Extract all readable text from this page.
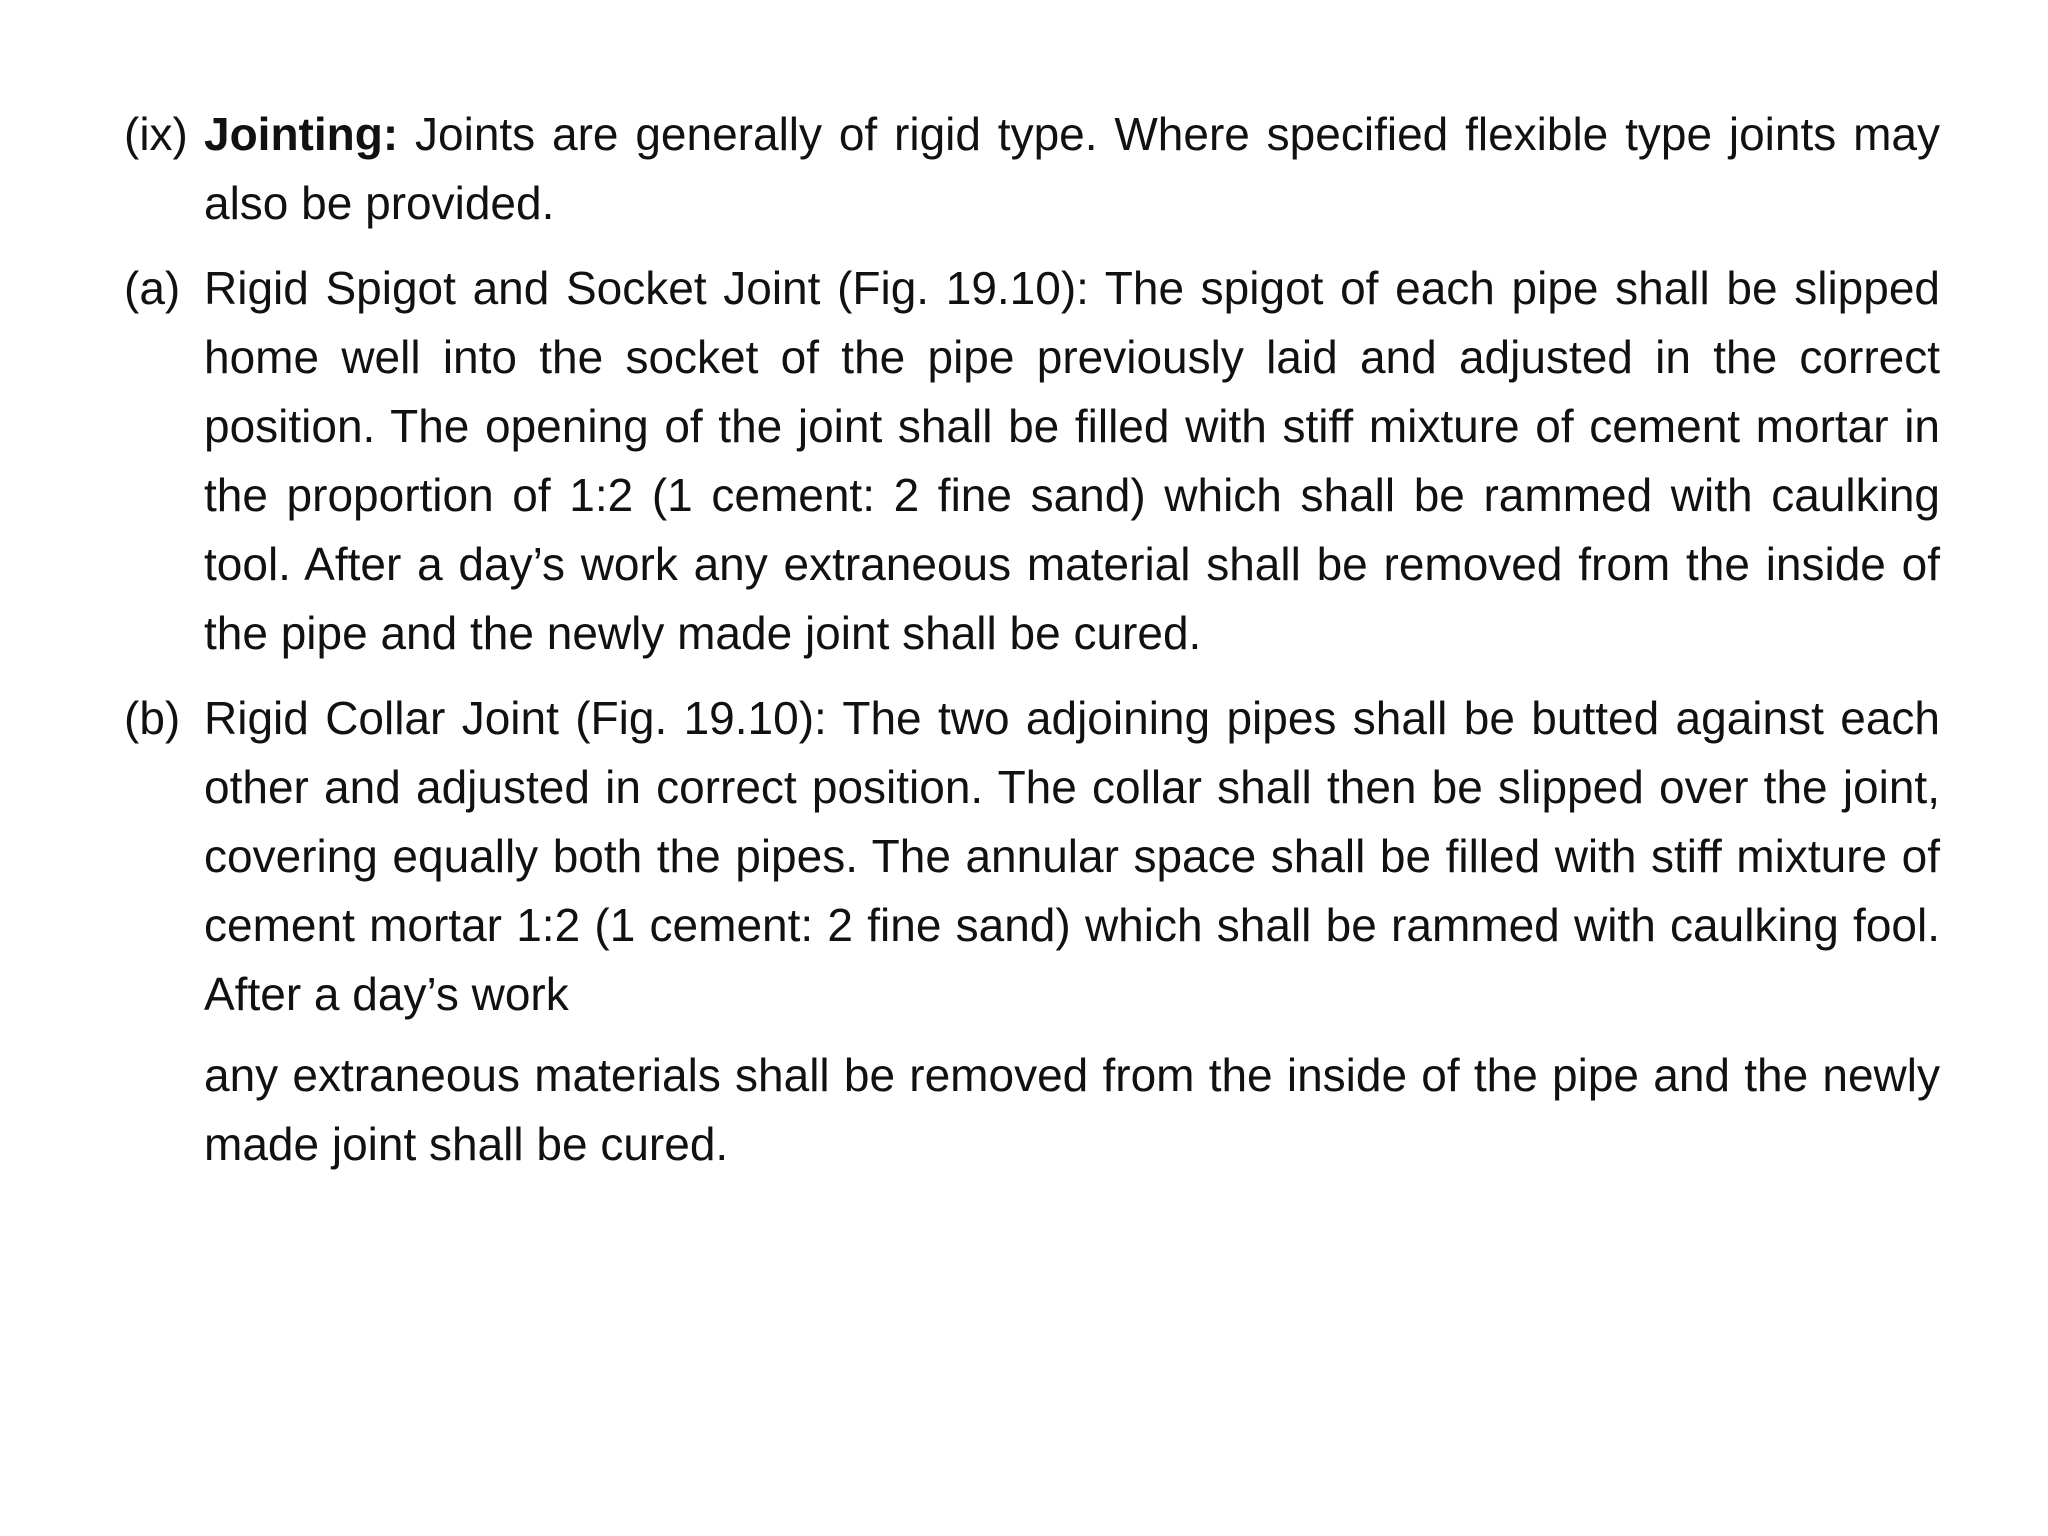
(ix) Jointing: Joints are generally of rigid type. Where specified flexible type joints may also be provided.

(a) Rigid Spigot and Socket Joint (Fig. 19.10): The spigot of each pipe shall be slipped home well into the socket of the pipe previously laid and adjusted in the correct position. The opening of the joint shall be filled with stiff mixture of cement mortar in the proportion of 1:2 (1 cement: 2 fine sand) which shall be rammed with caulking tool. After a day’s work any extraneous material shall be removed from the inside of the pipe and the newly made joint shall be cured.

(b) Rigid Collar Joint (Fig. 19.10): The two adjoining pipes shall be butted against each other and adjusted in correct position. The collar shall then be slipped over the joint, covering equally both the pipes. The annular space shall be filled with stiff mixture of cement mortar 1:2 (1 cement: 2 fine sand) which shall be rammed with caulking fool. After a day’s work

any extraneous materials shall be removed from the inside of the pipe and the newly made joint shall be cured.
